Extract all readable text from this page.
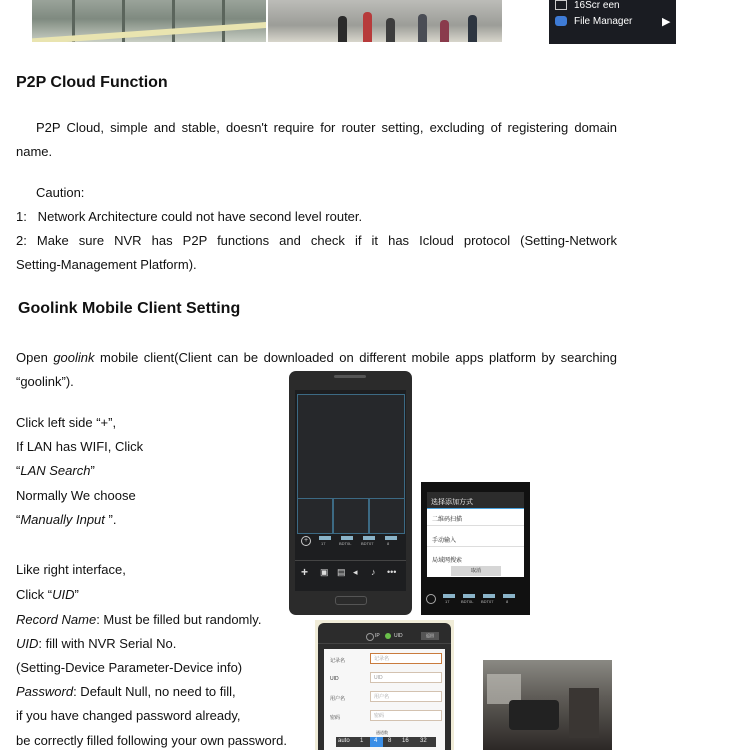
16Scr een
File Manager	▶
P2P Cloud Function
P2P Cloud, simple and stable, doesn't require for router setting, excluding of registering domain
name.
Caution:
1:   Network Architecture could not have second level router.
2: Make sure NVR has P2P functions and check if it has Icloud protocol (Setting-Network
Setting-Management Platform).
Goolink Mobile Client Setting
Open goolink mobile client(Client can be downloaded on different mobile apps platform by searching
“goolink”).
Click left side “+”,
If LAN has WIFI, Click
“LAN Search”
Normally We choose
“Manually Input ”.
Like right interface,
Click “UID”
Record Name: Must be filled but randomly.
UID: fill with NVR Serial No.
(Setting-Device Parameter-Device info)
Password: Default Null, no need to fill,
if you have changed password already,
be correctly filled following your own password.
+	17	BDT0L BDT07	8
+ ▣ ▤ ◂ ♪ •••
选择添加方式
二维码扫描
手动输入
局域网搜索
取消
17	BDT0L BDT07	8
IP	UID	返回
记录名	记录名
UID	UID
用户名	用户名
密码	密码
通道数
auto 1 4 8 16 32
